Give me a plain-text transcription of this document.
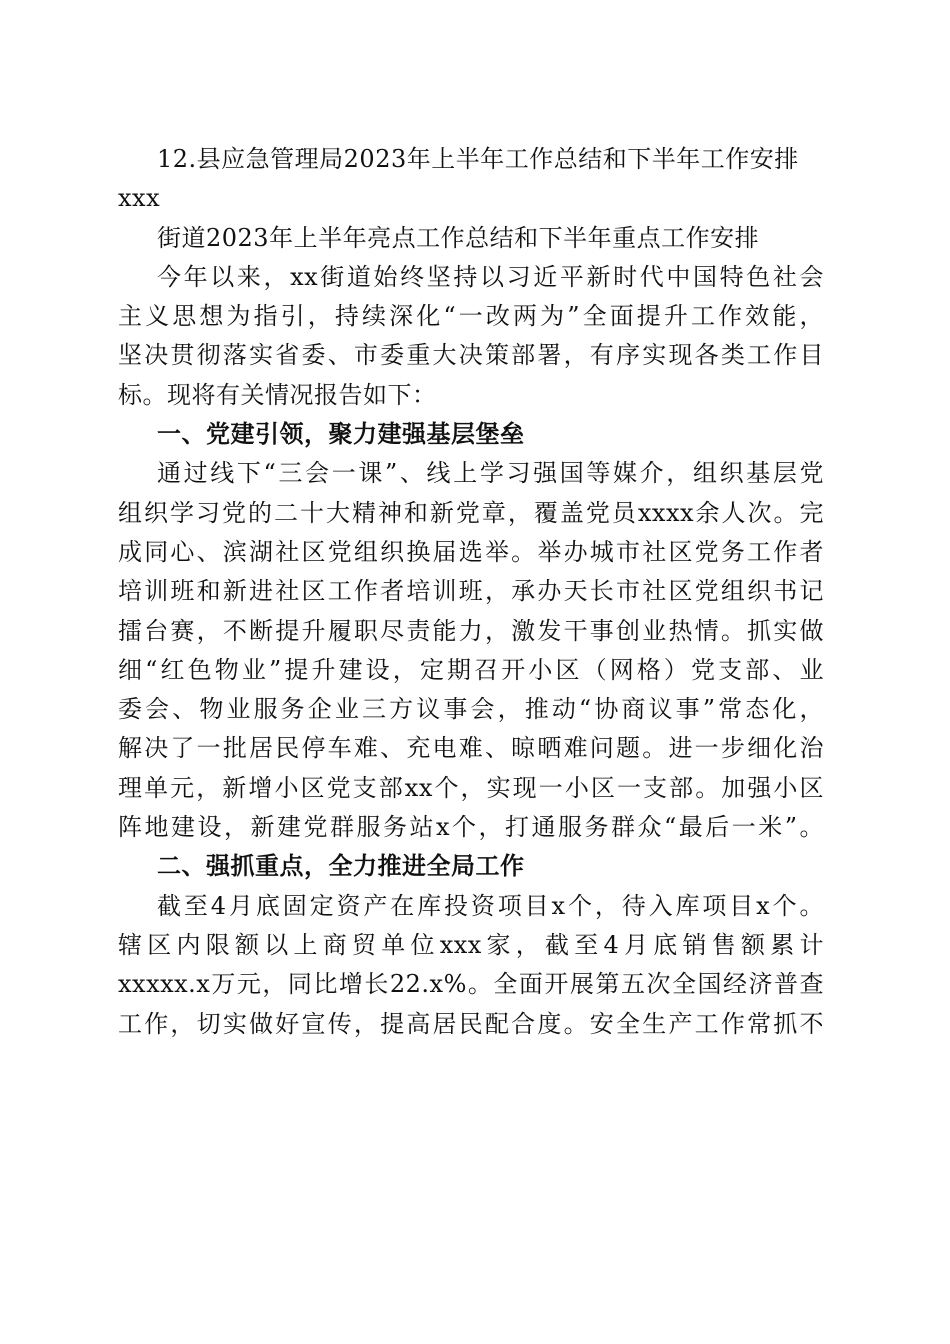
12.县应急管理局2023年上半年工作总结和下半年工作安排
xxx
街道2023年上半年亮点工作总结和下半年重点工作安排
今年以来，xx街道始终坚持以习近平新时代中国特色社会
主义思想为指引，持续深化“一改两为”全面提升工作效能，
坚决贯彻落实省委、市委重大决策部署，有序实现各类工作目
标。现将有关情况报告如下：
一、党建引领，聚力建强基层堡垒
通过线下“三会一课”、线上学习强国等媒介，组织基层党
组织学习党的二十大精神和新党章，覆盖党员xxxx余人次。完
成同心、滨湖社区党组织换届选举。举办城市社区党务工作者
培训班和新进社区工作者培训班，承办天长市社区党组织书记
擂台赛，不断提升履职尽责能力，激发干事创业热情。抓实做
细“红色物业”提升建设，定期召开小区（网格）党支部、业
委会、物业服务企业三方议事会，推动“协商议事”常态化，
解决了一批居民停车难、充电难、晾晒难问题。进一步细化治
理单元，新增小区党支部xx个，实现一小区一支部。加强小区
阵地建设，新建党群服务站x个，打通服务群众“最后一米”。
二、强抓重点，全力推进全局工作
截至4月底固定资产在库投资项目x个，待入库项目x个。
辖区内限额以上商贸单位xxx家，截至4月底销售额累计
xxxxx.x万元，同比增长22.x%。全面开展第五次全国经济普查
工作，切实做好宣传，提高居民配合度。安全生产工作常抓不
